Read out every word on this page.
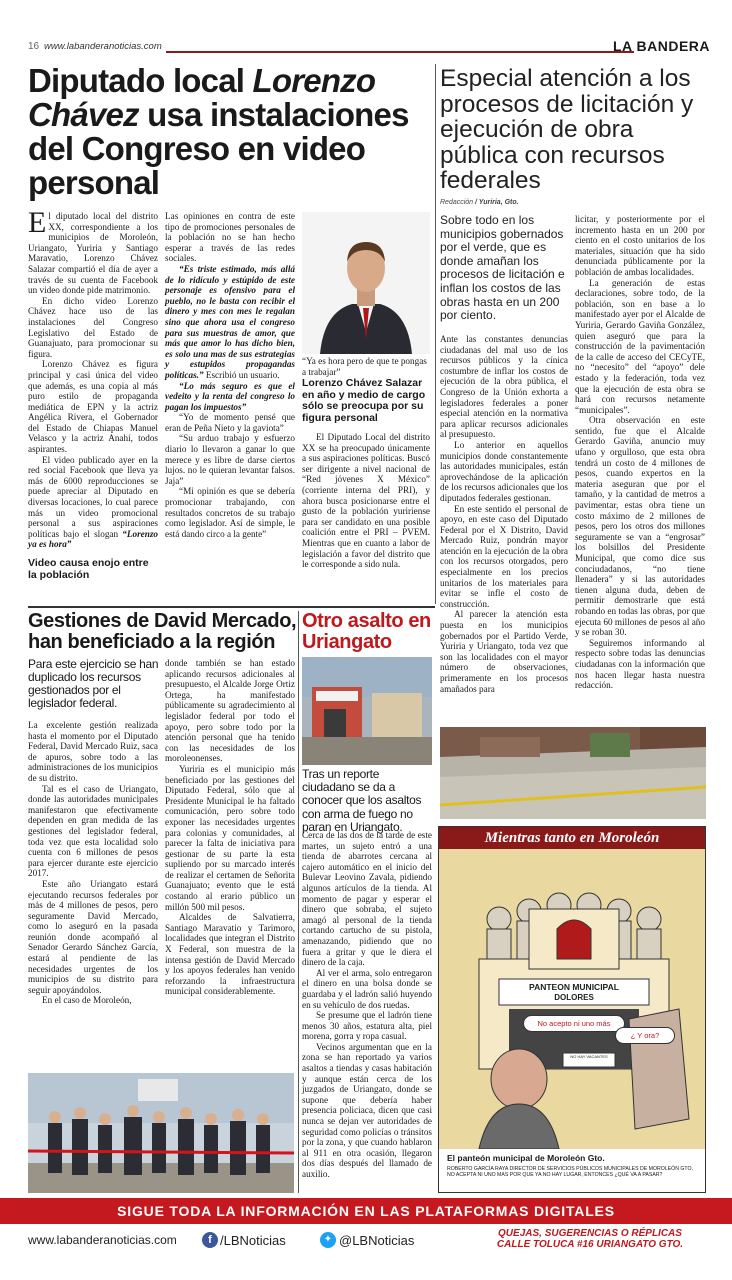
16 www.labanderanoticias.com	LA BANDERA
Diputado local Lorenzo Chávez usa instalaciones del Congreso en video personal

El diputado local del distrito XX, correspondiente a los municipios de Moroleón, Uriangato, Yuriria y Santiago Maravatio, Lorenzo Chávez Salazar compartió el día de ayer a través de su cuenta de Facebook un video donde pide matrimonio.

En dicho video Lorenzo Chávez hace uso de las instalaciones del Congreso Legislativo del Estado de Guanajuato, para promocionar su figura.

Lorenzo Chávez es figura principal y casi única del video que además, es una copia al más puro estilo de propaganda mediática de EPN y la actriz Angélica Rivera, el Gobernador del Estado de Chiapas Manuel Velasco y la actriz Anahí, todos aspirantes.

El video publicado ayer en la red social Facebook que lleva ya más de 6000 reproducciones se puede apreciar al Diputado en diversas locaciones, lo cual parece más un video promocional personal a sus aspiraciones políticas bajo el slogan “Lorenzo ya es hora”

Video causa enojo entre la población

Las opiniones en contra de este tipo de promociones personales de la población no se han hecho esperar a través de las redes sociales.

“Es triste estimado, más allá de lo ridículo y estúpido de este personaje es ofensivo para el pueblo, no le basta con recibir el dinero y mes con mes le regalan sino que ahora usa el congreso para sus muestras de amor, que más que amor lo has dicho bien, es solo una mas de sus estrategias y estupidos propagandas políticas.” Escribió un usuario.

“Lo más seguro es que el vedeito y la renta del congreso lo pagan los impuestos”

“Yo de momento pensé que eran de Peña Nieto y la gaviota”

“Su arduo trabajo y esfuerzo diario lo llevaron a ganar lo que merece y es libre de darse ciertos lujos. no le quieran levantar falsos. Jaja”

“Mi opinión es que se debería promocionar trabajando, con resultados concretos de su trabajo como legislador. Así de simple, le está dando circo a la gente”

“Ya es hora pero de que te pongas a trabajar”
Lorenzo Chávez Salazar en año y medio de cargo sólo se preocupa por su figura personal

El Diputado Local del distrito XX se ha preocupado únicamente a sus aspiraciones políticas. Buscó ser dirigente a nivel nacional de “Red jóvenes X México” (corriente interna del PRI), y ahora busca posicionarse entre el gusto de la población yuririense para ser candidato en una posible coalición entre el PRI – PVEM. Mientras que en cuanto a labor de legislación a favor del distrito que le corresponde a sido nula.

Especial atención a los procesos de licitación y ejecución de obra pública con recursos federales
Redacción / Yuriria, Gto.
Sobre todo en los municipios gobernados por el verde, que es donde amañan los procesos de licitación e inflan los costos de las obras hasta en un 200 por ciento.

Ante las constantes denuncias ciudadanas del mal uso de los recursos públicos y la cínica costumbre de inflar los costos de ejecución de la obra pública, el Congreso de la Unión exhorta a legisladores federales a poner especial atención en la normativa para aplicar recursos adicionales al presupuesto.

Lo anterior en aquellos municipios donde constantemente las autoridades municipales, están aprovechándose de la aplicación de los recursos adicionales que los diputados federales gestionan.

En este sentido el personal de apoyo, en este caso del Diputado Federal por el X Distrito, David Mercado Ruiz, pondrán mayor atención en la ejecución de la obra con los recursos otorgados, pero especialmente en los precios unitarios de los materiales para evitar se infle el costo de construcción.

Al parecer la atención esta puesta en los municipios gobernados por el Partido Verde, Yuriria y Uriangato, toda vez que son las localidades con el mayor número de observaciones, primeramente en los procesos amañados para

licitar, y posteriormente por el incremento hasta en un 200 por ciento en el costo unitarios de los materiales, situación que ha sido denunciada públicamente por la población de ambas localidades.

La generación de estas declaraciones, sobre todo, de la población, son en base a lo manifestado ayer por el Alcalde de Yuriria, Gerardo Gaviña González, quien aseguró que para la construcción de la pavimentación de la calle de acceso del CECyTE, no “necesito” del “apoyo” dele estado y la federación, toda vez que la ejecución de esta obra se hará con recursos netamente “municipales”.

Otra observación en este sentido, fue que el Alcalde Gerardo Gaviña, anuncio muy ufano y orgulloso, que esta obra tendrá un costo de 4 millones de pesos, cuando expertos en la materia aseguran que por el tamaño, y la cantidad de metros a pavimentar, estas obra tiene un costo máximo de 2 millones de pesos, pero los otros dos millones seguramente se van a “engrosar” los bolsillos del Presidente Municipal, que como dice sus conciudadanos, “no tiene llenadera” y si las autoridades tienen alguna duda, deben de permitir demostrarle que está robando en todas las obras, por que ejecuta 60 millones de pesos al año y se roban 30.

Seguiremos informando al respecto sobre todas las denuncias ciudadanas con la información que nos hacen llegar hasta nuestra redacción.

Gestiones de David Mercado, han beneficiado a la región
Para este ejercicio se han duplicado los recursos gestionados por el legislador federal.

La excelente gestión realizada hasta el momento por el Diputado Federal, David Mercado Ruiz, saca de apuros, sobre todo a las administraciones de los municipios de su distrito.

Tal es el caso de Uriangato, donde las autoridades municipales manifestaron que efectivamente dependen en gran medida de las gestiones del legislador federal, toda vez que esta localidad solo cuenta con 6 millones de pesos para ejercer durante este ejercicio 2017.

Este año Uriangato estará ejecutando recursos federales por más de 4 millones de pesos, pero seguramente David Mercado, como lo aseguró en la pasada reunión donde acompañó al Senador Gerardo Sánchez García, estará al pendiente de las necesidades urgentes de los municipios de su distrito para seguir apoyándolos.

En el caso de Moroleón,

donde también se han estado aplicando recursos adicionales al presupuesto, el Alcalde Jorge Ortiz Ortega, ha manifestado públicamente su agradecimiento al legislador federal por todo el apoyo, pero sobre todo por la atención personal que ha tenido con las necesidades de los moroleonenses.

Yuriria es el municipio más beneficiado por las gestiones del Diputado Federal, sólo que al Presidente Municipal le ha faltado comunicación, pero sobre todo exponer las necesidades urgentes para colonias y comunidades, al parecer la falta de iniciativa para gestionar de su parte la esta supliendo por su marcado interés de realizar el certamen de Señorita Guanajuato; evento que le está costando al erario público un millón 500 mil pesos.

Alcaldes de Salvatierra, Santiago Maravatio y Tarimoro, localidades que integran el Distrito X Federal, son muestra de la intensa gestión de David Mercado y los apoyos federales han venido reforzando la infraestructura municipal considerablemente.

Otro asalto en Uriangato
Tras un reporte ciudadano se da a conocer que los asaltos con arma de fuego no paran en Uriangato.

Cerca de las dos de la tarde de este martes, un sujeto entró a una tienda de abarrotes cercana al cajero automático en el inicio del Bulevar Leovino Zavala, pidiendo algunos artículos de la tienda. Al momento de pagar y esperar el dinero que sobraba, el sujeto amagó al personal de la tienda cortando cartucho de su pistola, amenazando, pidiendo que no fuera a gritar y que le diera el dinero de la caja.

Al ver el arma, solo entregaron el dinero en una bolsa donde se guardaba y el ladrón salió huyendo en su vehículo de dos ruedas.

Se presume que el ladrón tiene menos 30 años, estatura alta, piel morena, gorra y ropa casual.

Vecinos argumentan que en la zona se han reportado ya varios asaltos a tiendas y casas habitación y aunque están cerca de los juzgados de Uriangato, donde se supone que debería haber presencia policiaca, dicen que casi nunca se dejan ver autoridades de seguridad como policías o tránsitos por la zona, y que cuando hablaron al 911 en otra ocasión, llegaron dos días después del llamado de auxilio.

Mientras tanto en Moroleón
PANTEON MUNICIPAL
DOLORES
No acepto ni uno más
NO HAY VACANTES
¿ Y ora?
El panteón municipal de Moroleón Gto.
ROBERTO GARCÍA RAYA DIRECTOR DE SERVICIOS PÚBLICOS MUNICIPALES DE MOROLEÓN GTO.
NO ACEPTA NI UNO MAS POR QUE YA NO HAY LUGAR, ENTONCES ¿QUÉ VA A PASAR?
SIGUE TODA LA INFORMACIÓN EN LAS PLATAFORMAS DIGITALES
www.labanderanoticias.com	f /LBNoticias	✦ @LBNoticias	QUEJAS, SUGERENCIAS O RÉPLICAS
CALLE TOLUCA #16 URIANGATO GTO.
